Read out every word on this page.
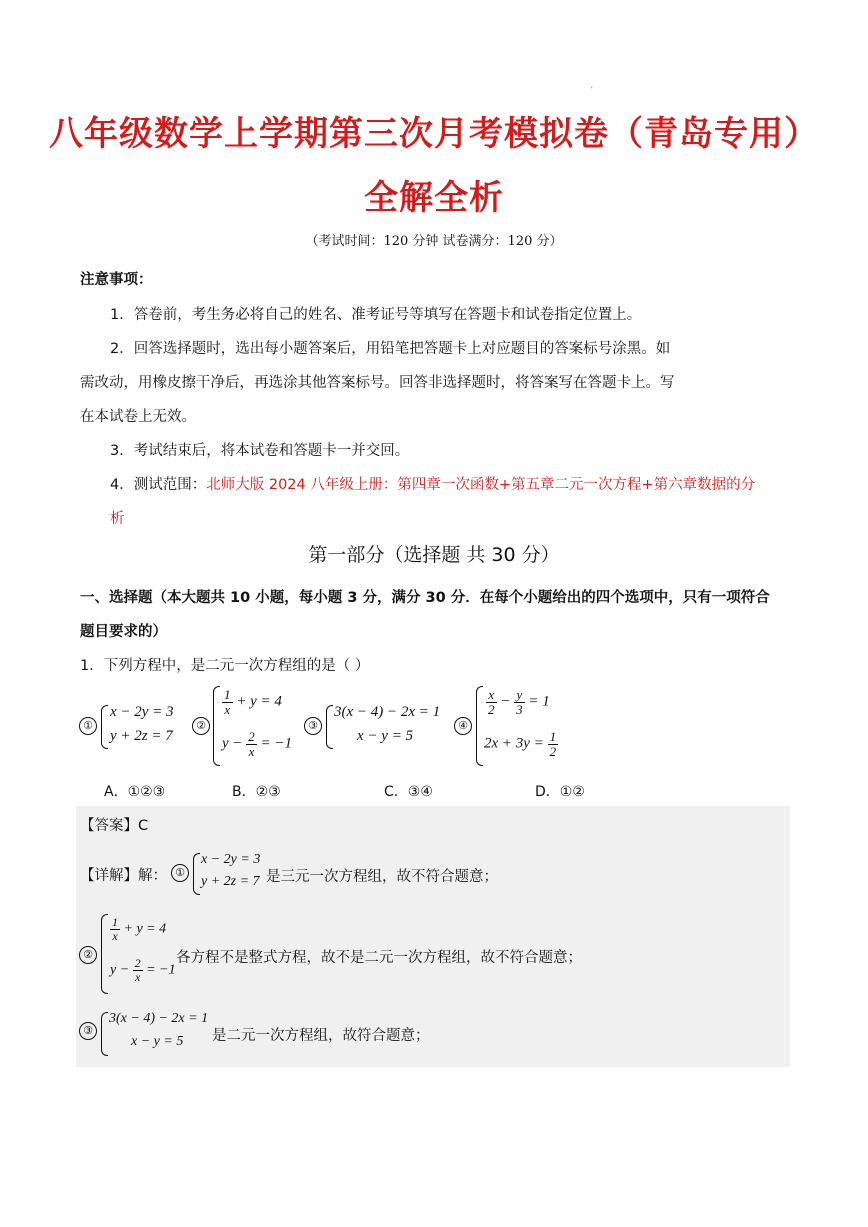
'
八年级数学上学期第三次月考模拟卷（青岛专用）
全解全析
（考试时间：120 分钟 试卷满分：120 分）
注意事项：
1．答卷前，考生务必将自己的姓名、准考证号等填写在答题卡和试卷指定位置上。
2．回答选择题时，选出每小题答案后，用铅笔把答题卡上对应题目的答案标号涂黑。如
需改动，用橡皮擦干净后，再选涂其他答案标号。回答非选择题时，将答案写在答题卡上。写
在本试卷上无效。
3．考试结束后，将本试卷和答题卡一并交回。
4．测试范围：北师大版 2024 八年级上册：第四章一次函数+第五章二元一次方程+第六章数据的分
析
第一部分（选择题 共 30 分）
一、选择题（本大题共 10 小题，每小题 3 分，满分 30 分．在每个小题给出的四个选项中，只有一项符合
题目要求的）
1．下列方程中，是二元一次方程组的是（ ）
①
x − 2y = 3
y + 2z = 7
②
$\frac{1}{x} + y = 4$
$y - \frac{2}{x} = -1$
③
3(x − 4) − 2x = 1
x − y = 5
④
$\frac{x}{2} - \frac{y}{3} = 1$
$2x + 3y = \frac{1}{2}$
A．①②③	B．②③	C．③④	D．①②
【答案】C
【详解】解： ①
x − 2y = 3
y + 2z = 7 是三元一次方程组，故不符合题意；
②
$\frac{1}{x} + y = 4$
$y - \frac{2}{x} = -1$
各方程不是整式方程，故不是二元一次方程组，故不符合题意；
③
3(x − 4) − 2x = 1
x − y = 5 是二元一次方程组，故符合题意；
